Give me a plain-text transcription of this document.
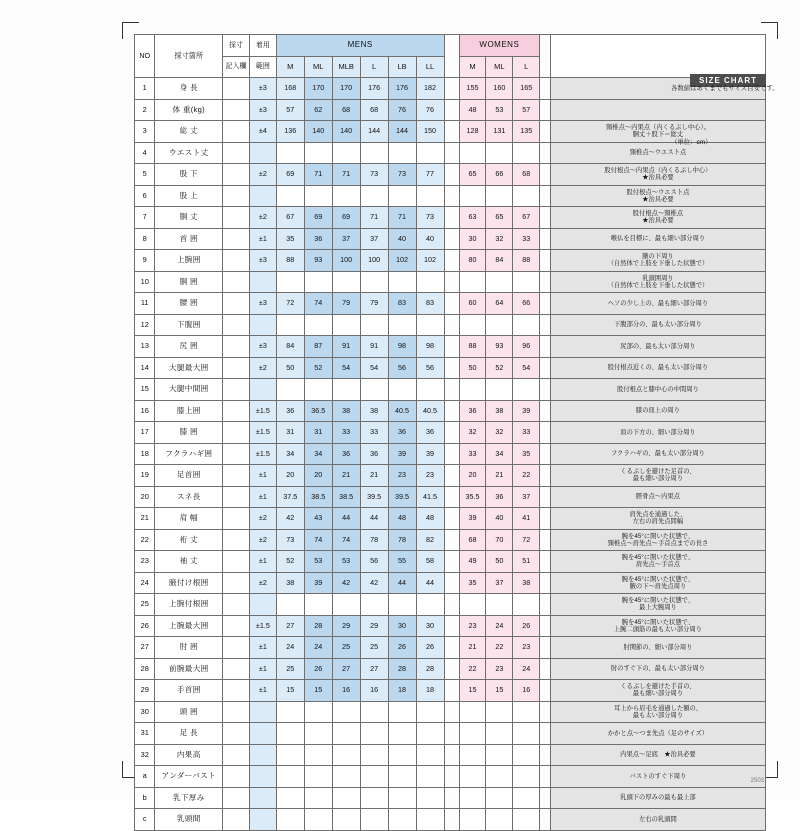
SIZE CHART
各数値はあくまでもサイズ目安です。
（単位：cm）
NO	採寸箇所	採寸	着用	MENS							WOMENS				
		記入欄	範囲	M	ML	MLB	L	LB	LL		M	ML	L		
1	身 長		±3	168	170	170	176	176	182		155	160	165		

2	体 重(kg)		±3	57	62	68	68	76	76		48	53	57		

3	総 丈		±4	136	140	140	144	144	150		128	131	135		頸椎点〜内果点（内くるぶし中心）。
胴丈＋股下＝総丈

4	ウエスト丈														頸椎点〜ウエスト点

5	股 下		±2	69	71	71	73	73	77		65	66	68		股付根点〜内果点（内くるぶし中心）
★治具必要

6	股 上														股付根点〜ウエスト点
★治具必要

7	胴 丈		±2	67	69	69	71	71	73		63	65	67		股付根点〜頸椎点
★治具必要

8	首 囲		±1	35	36	37	37	40	40		30	32	33		喉仏を目標に、最も細い部分周り

9	上腕囲		±3	88	93	100	100	102	102		80	84	88		腋の下周り
（自然体で上肢を下垂した状態で）

10	胴 囲														乳頭囲周り
（自然体で上肢を下垂した状態で）

11	腰 囲		±3	72	74	79	79	83	83		60	64	66		ヘソの少し上の、最も細い部分周り

12	下腹囲														下腹部分の、最も太い部分周り

13	尻 囲		±3	84	87	91	91	98	98		88	93	96		尻部の、最も太い部分周り

14	大腿最大囲		±2	50	52	54	54	56	56		50	52	54		股付根点近くの、最も太い部分周り

15	大腿中間囲														股付根点と膝中心の中間周り

16	膝上囲		±1.5	36	36.5	38	38	40.5	40.5		36	38	39		膝の皿上の周り

17	膝 囲		±1.5	31	31	33	33	36	36		32	32	33		皿の下方の、細い部分周り

18	フクラハギ囲		±1.5	34	34	36	36	39	39		33	34	35		フクラハギの、最も太い部分周り

19	足首囲		±1	20	20	21	21	23	23		20	21	22		くるぶしを避けた足首の、
最も細い部分周り

20	スネ長		±1	37.5	38.5	38.5	39.5	39.5	41.5		35.5	36	37		脛骨点〜内果点

21	肩 幅		±2	42	43	44	44	48	48		39	40	41		肩先点を通過した、
左右の肩先点間幅

22	裄 丈		±2	73	74	74	78	78	82		68	70	72		腕を45°に開いた状態で、
頸椎点〜肩先点〜手首点までの長さ

23	袖 丈		±1	52	53	53	56	55	58		49	50	51		腕を45°に開いた状態で、
肩先点〜手首点

24	腋付け根囲		±2	38	39	42	42	44	44		35	37	38		腕を45°に開いた状態で、
腋の下〜肩先点周り

25	上腕付根囲														腕を45°に開いた状態で、
最上大腕周り

26	上腕最大囲		±1.5	27	28	29	29	30	30		23	24	26		腕を45°に開いた状態で、
上腕二頭筋の最も太い部分周り

27	肘 囲		±1	24	24	25	25	26	26		21	22	23		肘関節の、細い部分周り

28	前腕最大囲		±1	25	26	27	27	28	28		22	23	24		肘のすぐ下の、最も太い部分周り

29	手首囲		±1	15	15	16	16	18	18		15	15	16		くるぶしを避けた手首の、
最も細い部分周り

30	頭 囲														耳上から眉毛を通過した額の、
最も太い部分周り

31	足 長														かかと点〜つま先点（足のサイズ）

32	内果高														内果点〜足底　★治具必要

a	アンダーバスト														バストのすぐ下周り

b	乳下厚み														乳頭下の厚みの最も最上部

c	乳頭間														左右の乳頭間
2503
